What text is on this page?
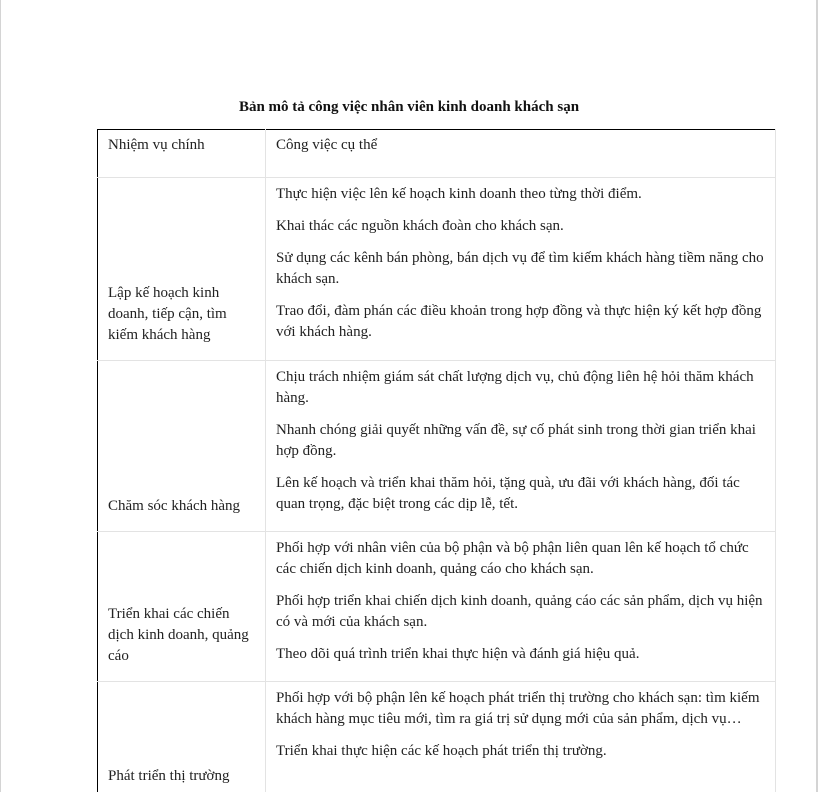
Bản mô tả công việc nhân viên kinh doanh khách sạn
Nhiệm vụ chính	Công việc cụ thể
Lập kế hoạch kinh doanh, tiếp cận, tìm kiếm khách hàng	Thực hiện việc lên kế hoạch kinh doanh theo từng thời điểm.

Khai thác các nguồn khách đoàn cho khách sạn.

Sử dụng các kênh bán phòng, bán dịch vụ để tìm kiếm khách hàng tiềm năng cho khách sạn.

Trao đổi, đàm phán các điều khoản trong hợp đồng và thực hiện ký kết hợp đồng với khách hàng.

Chăm sóc khách hàng	Chịu trách nhiệm giám sát chất lượng dịch vụ, chủ động liên hệ hỏi thăm khách hàng.

Nhanh chóng giải quyết những vấn đề, sự cố phát sinh trong thời gian triển khai hợp đồng.

Lên kế hoạch và triển khai thăm hỏi, tặng quà, ưu đãi với khách hàng, đối tác quan trọng, đặc biệt trong các dịp lễ, tết.

Triển khai các chiến dịch kinh doanh, quảng cáo	Phối hợp với nhân viên của bộ phận và bộ phận liên quan lên kế hoạch tổ chức các chiến dịch kinh doanh, quảng cáo cho khách sạn.

Phối hợp triển khai chiến dịch kinh doanh, quảng cáo các sản phẩm, dịch vụ hiện có và mới của khách sạn.

Theo dõi quá trình triển khai thực hiện và đánh giá hiệu quả.

Phát triển thị trường	Phối hợp với bộ phận lên kế hoạch phát triển thị trường cho khách sạn: tìm kiếm khách hàng mục tiêu mới, tìm ra giá trị sử dụng mới của sản phẩm, dịch vụ…

Triển khai thực hiện các kế hoạch phát triển thị trường.
